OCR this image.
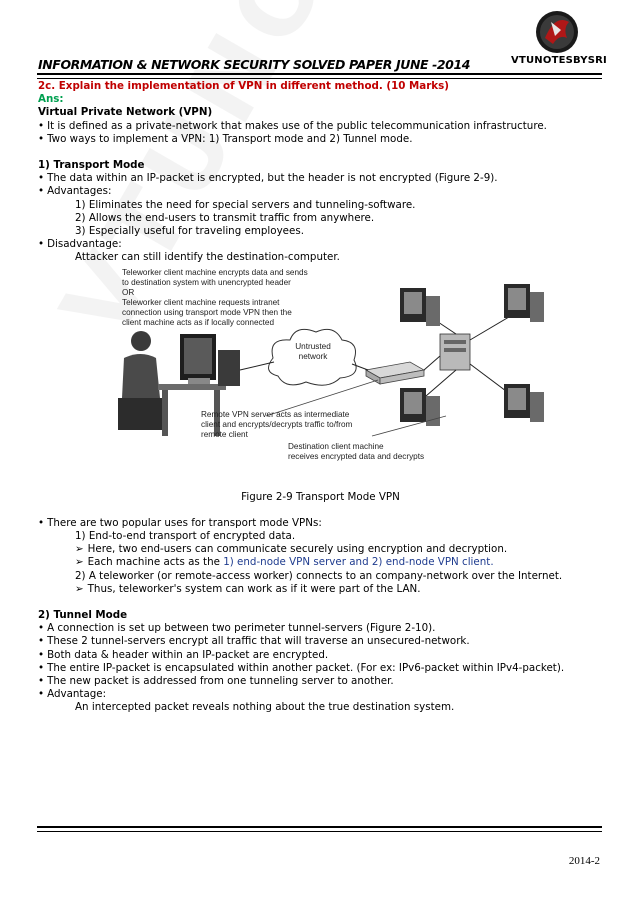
VTUNOTESBYSRI
INFORMATION & NETWORK SECURITY SOLVED PAPER JUNE -2014
2c. Explain the implementation of VPN in different method. (10 Marks)
Ans:
Virtual Private Network (VPN)
• It is defined as a private-network that makes use of the public telecommunication infrastructure.
• Two ways to implement a VPN: 1) Transport mode and 2) Tunnel mode.
1) Transport Mode
• The data within an IP-packet is encrypted, but the header is not encrypted (Figure 2-9).
• Advantages:
1) Eliminates the need for special servers and tunneling-software.
2) Allows the end-users to transmit traffic from anywhere.
3) Especially useful for traveling employees.
• Disadvantage:
Attacker can still identify the destination-computer.
Teleworker client machine encrypts data and sends
to destination system with unencrypted header
OR
Teleworker client machine requests intranet
connection using transport mode VPN then the
client machine acts as if locally connected
Untrusted
network
Remote VPN server acts as intermediate
client and encrypts/decrypts traffic to/from
remote client
Destination client machine
receives encrypted data and decrypts
Figure 2-9 Transport Mode VPN
• There are two popular uses for transport mode VPNs:
1) End-to-end transport of encrypted data.
➢ Here, two end-users can communicate securely using encryption and decryption.
➢ Each machine acts as the 1) end-node VPN server and 2) end-node VPN client.
2) A teleworker (or remote-access worker) connects to an company-network over the Internet.
➢ Thus, teleworker's system can work as if it were part of the LAN.
2) Tunnel Mode
• A connection is set up between two perimeter tunnel-servers (Figure 2-10).
• These 2 tunnel-servers encrypt all traffic that will traverse an unsecured-network.
• Both data & header within an IP-packet are encrypted.
• The entire IP-packet is encapsulated within another packet. (For ex: IPv6-packet within IPv4-packet).
• The new packet is addressed from one tunneling server to another.
• Advantage:
An intercepted packet reveals nothing about the true destination system.
2014-2
